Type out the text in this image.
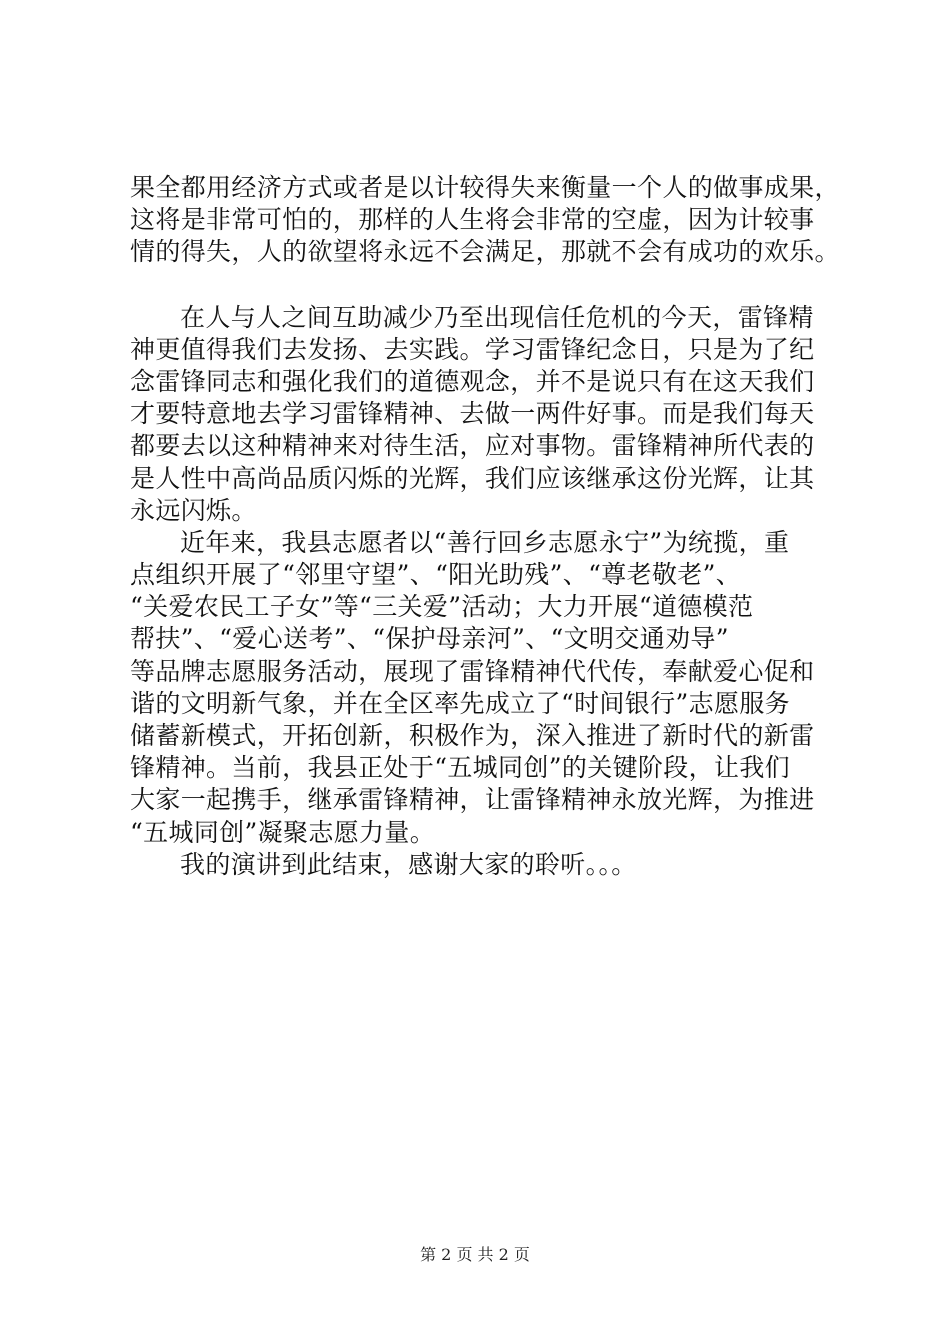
果全都用经济方式或者是以计较得失来衡量一个人的做事成果，
这将是非常可怕的，那样的人生将会非常的空虚，因为计较事
情的得失，人的欲望将永远不会满足，那就不会有成功的欢乐。
在人与人之间互助减少乃至出现信任危机的今天，雷锋精
神更值得我们去发扬、去实践。学习雷锋纪念日，只是为了纪
念雷锋同志和强化我们的道德观念，并不是说只有在这天我们
才要特意地去学习雷锋精神、去做一两件好事。而是我们每天
都要去以这种精神来对待生活，应对事物。雷锋精神所代表的
是人性中高尚品质闪烁的光辉，我们应该继承这份光辉，让其
永远闪烁。
近年来，我县志愿者以“善行回乡志愿永宁”为统揽，重
点组织开展了“邻里守望”、“阳光助残”、“尊老敬老”、
“关爱农民工子女”等“三关爱”活动；大力开展“道德模范
帮扶”、“爱心送考”、“保护母亲河”、“文明交通劝导”
等品牌志愿服务活动，展现了雷锋精神代代传，奉献爱心促和
谐的文明新气象，并在全区率先成立了“时间银行”志愿服务
储蓄新模式，开拓创新，积极作为，深入推进了新时代的新雷
锋精神。当前，我县正处于“五城同创”的关键阶段，让我们
大家一起携手，继承雷锋精神，让雷锋精神永放光辉，为推进
“五城同创”凝聚志愿力量。
我的演讲到此结束，感谢大家的聆听。。。
第 2 页 共 2 页
